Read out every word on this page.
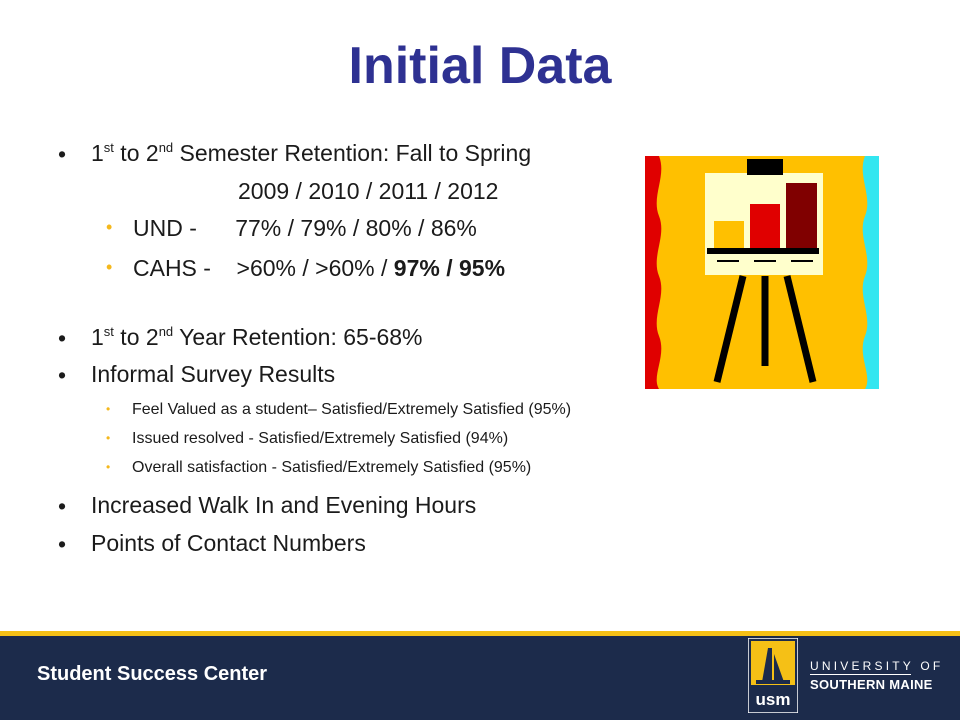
Initial Data
• 1st to 2nd Semester Retention: Fall to Spring
2009 / 2010 / 2011 / 2012
• UND -      77% / 79% / 80% / 86%
• CAHS -    >60% / >60% / 97% / 95%
• 1st to 2nd Year Retention: 65-68%
• Informal Survey Results
• Feel Valued as a student– Satisfied/Extremely Satisfied (95%)
• Issued resolved - Satisfied/Extremely Satisfied (94%)
• Overall satisfaction - Satisfied/Extremely Satisfied (95%)
• Increased Walk In and Evening Hours
• Points of Contact Numbers
Student Success Center
usm
UNIVERSITY OF
SOUTHERN MAINE
